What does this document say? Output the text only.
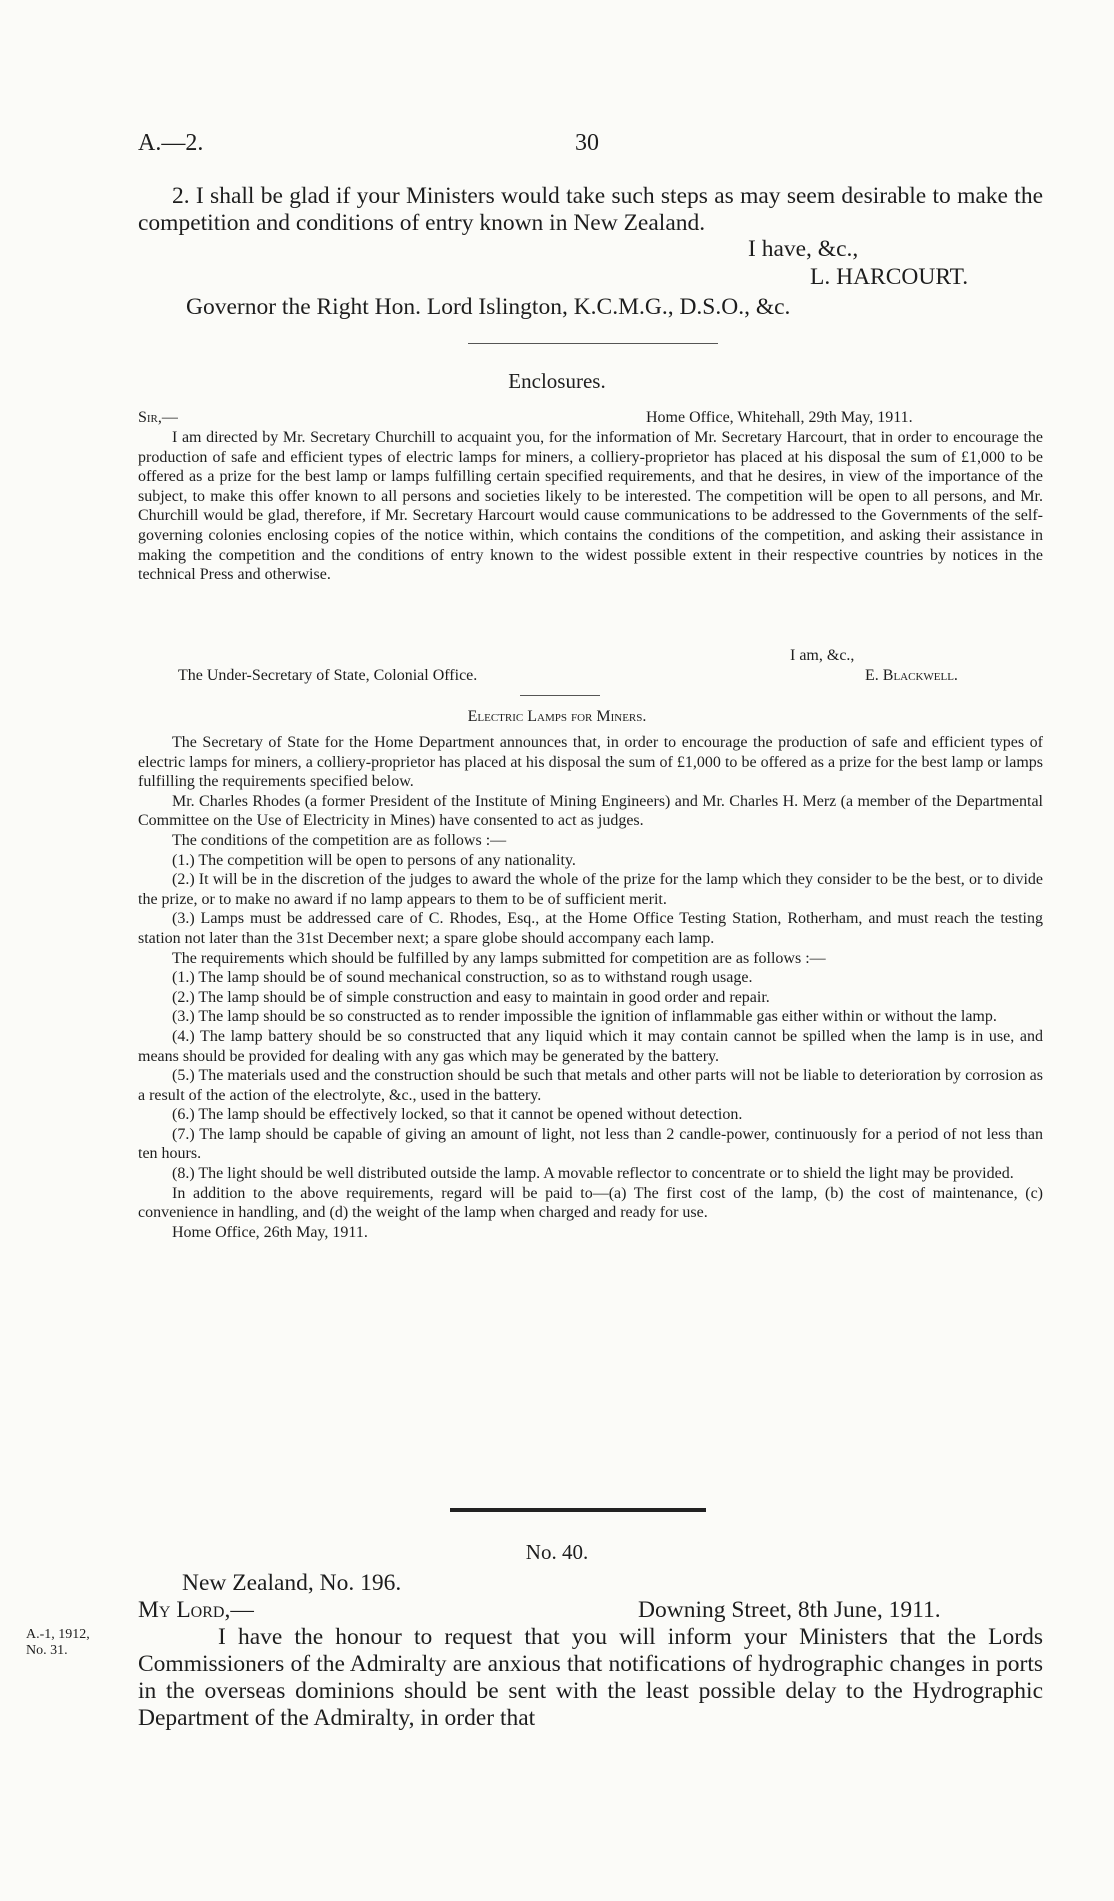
A.—2.	30

2. I shall be glad if your Ministers would take such steps as may seem desirable to make the competition and conditions of entry known in New Zealand.

I have, &c.,
L. HARCOURT.
Governor the Right Hon. Lord Islington, K.C.M.G., D.S.O., &c.
Enclosures.
Sir,—	Home Office, Whitehall, 29th May, 1911.

I am directed by Mr. Secretary Churchill to acquaint you, for the information of Mr. Secretary Harcourt, that in order to encourage the production of safe and efficient types of electric lamps for miners, a colliery-proprietor has placed at his disposal the sum of £1,000 to be offered as a prize for the best lamp or lamps fulfilling certain specified requirements, and that he desires, in view of the importance of the subject, to make this offer known to all persons and societies likely to be interested. The competition will be open to all persons, and Mr. Churchill would be glad, therefore, if Mr. Secretary Harcourt would cause communications to be addressed to the Governments of the self-governing colonies enclosing copies of the notice within, which contains the conditions of the competition, and asking their assistance in making the competition and the conditions of entry known to the widest possible extent in their respective countries by notices in the technical Press and otherwise.

I am, &c.,
The Under-Secretary of State, Colonial Office.	E. Blackwell.
Electric Lamps for Miners.

The Secretary of State for the Home Department announces that, in order to encourage the production of safe and efficient types of electric lamps for miners, a colliery-proprietor has placed at his disposal the sum of £1,000 to be offered as a prize for the best lamp or lamps fulfilling the requirements specified below.

Mr. Charles Rhodes (a former President of the Institute of Mining Engineers) and Mr. Charles H. Merz (a member of the Departmental Committee on the Use of Electricity in Mines) have consented to act as judges.

The conditions of the competition are as follows :—

(1.) The competition will be open to persons of any nationality.

(2.) It will be in the discretion of the judges to award the whole of the prize for the lamp which they consider to be the best, or to divide the prize, or to make no award if no lamp appears to them to be of sufficient merit.

(3.) Lamps must be addressed care of C. Rhodes, Esq., at the Home Office Testing Station, Rotherham, and must reach the testing station not later than the 31st December next; a spare globe should accompany each lamp.

The requirements which should be fulfilled by any lamps submitted for competition are as follows :—

(1.) The lamp should be of sound mechanical construction, so as to withstand rough usage.

(2.) The lamp should be of simple construction and easy to maintain in good order and repair.

(3.) The lamp should be so constructed as to render impossible the ignition of inflammable gas either within or without the lamp.

(4.) The lamp battery should be so constructed that any liquid which it may contain cannot be spilled when the lamp is in use, and means should be provided for dealing with any gas which may be generated by the battery.

(5.) The materials used and the construction should be such that metals and other parts will not be liable to deterioration by corrosion as a result of the action of the electrolyte, &c., used in the battery.

(6.) The lamp should be effectively locked, so that it cannot be opened without detection.

(7.) The lamp should be capable of giving an amount of light, not less than 2 candle-power, continuously for a period of not less than ten hours.

(8.) The light should be well distributed outside the lamp. A movable reflector to concentrate or to shield the light may be provided.

In addition to the above requirements, regard will be paid to—(a) The first cost of the lamp, (b) the cost of maintenance, (c) convenience in handling, and (d) the weight of the lamp when charged and ready for use.

Home Office, 26th May, 1911.

No. 40.
New Zealand, No. 196.
My Lord,—	Downing Street, 8th June, 1911.
A.-1, 1912,
No. 31.

I have the honour to request that you will inform your Ministers that the Lords Commissioners of the Admiralty are anxious that notifications of hydrographic changes in ports in the overseas dominions should be sent with the least possible delay to the Hydrographic Department of the Admiralty, in order that
